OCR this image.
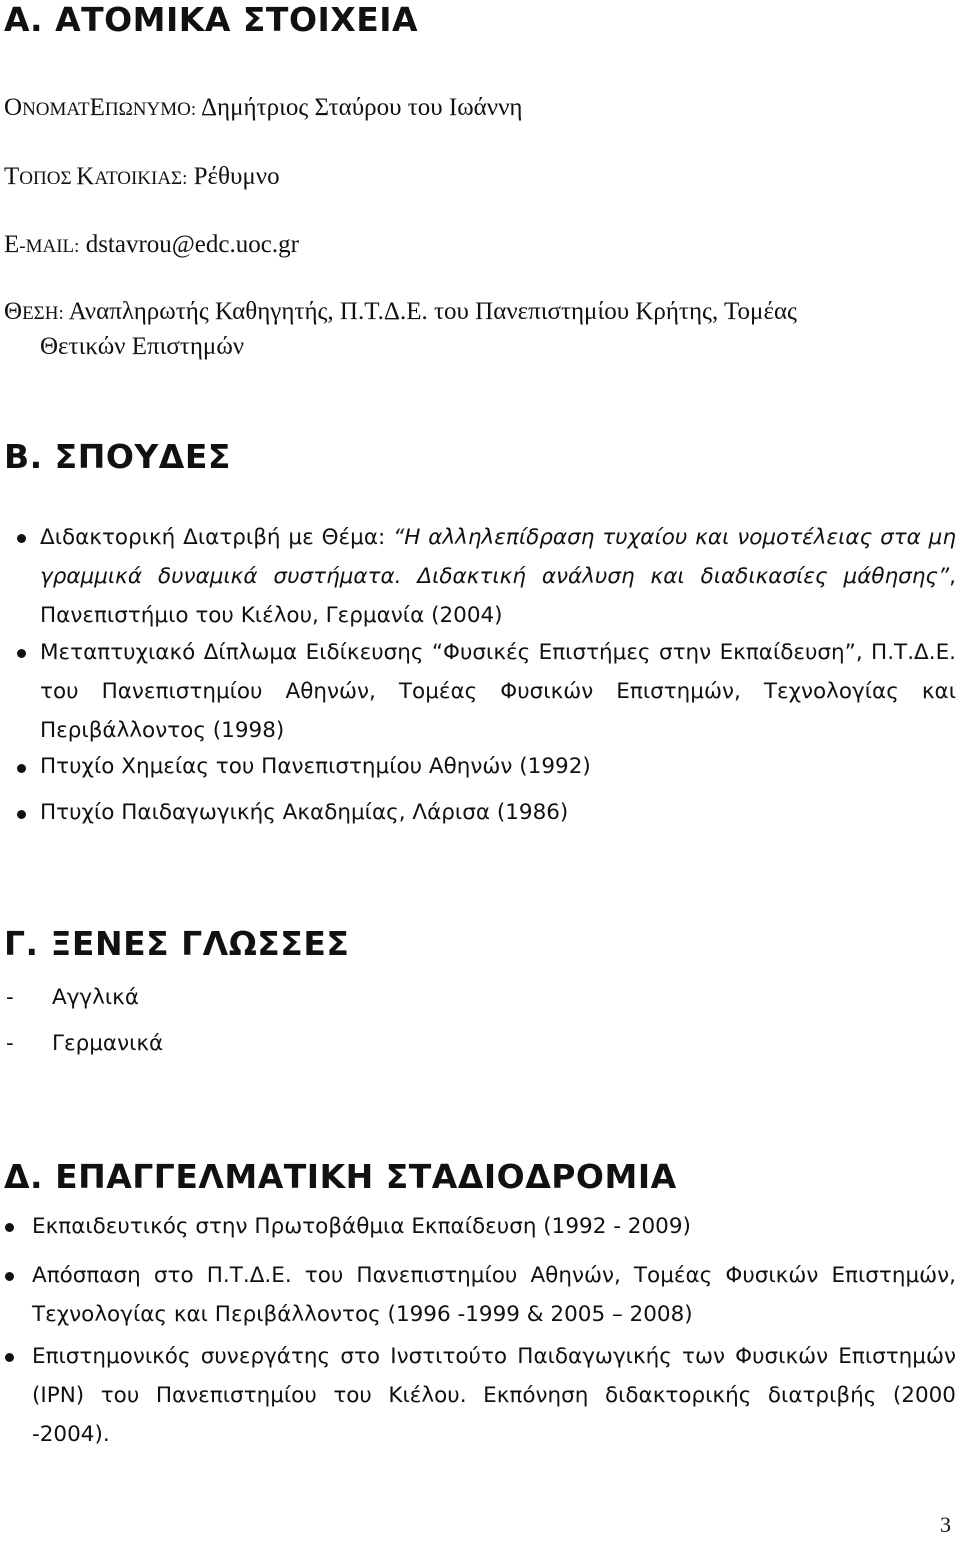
Α. ΑΤΟΜΙΚΑ ΣΤΟΙΧΕΙΑ

ΟΝΟΜΑΤΕΠΩΝΥΜΟ: Δημήτριος Σταύρου του Ιωάννη

ΤΟΠΟΣ ΚΑΤΟΙΚΙΑΣ: Ρέθυμνο

Ε-MAIL: dstavrou@edc.uoc.gr

ΘΕΣΗ: Αναπληρωτής Καθηγητής, Π.Τ.Δ.Ε. του Πανεπιστημίου Κρήτης, Τομέας

Θετικών Επιστημών

Β. ΣΠΟΥΔΕΣ

Διδακτορική Διατριβή με Θέμα: “Η αλληλεπίδραση τυχαίου και νομοτέλειας στα μη γραμμικά δυναμικά συστήματα. Διδακτική ανάλυση και διαδικασίες μάθησης”, Πανεπιστήμιο του Κιέλου, Γερμανία (2004)

Μεταπτυχιακό Δίπλωμα Ειδίκευσης “Φυσικές Επιστήμες στην Εκπαίδευση”, Π.Τ.Δ.Ε. του Πανεπιστημίου Αθηνών, Τομέας Φυσικών Επιστημών, Τεχνολογίας και Περιβάλλοντος (1998)

Πτυχίο Χημείας του Πανεπιστημίου Αθηνών (1992)

Πτυχίο Παιδαγωγικής Ακαδημίας, Λάρισα (1986)

Γ. ΞΕΝΕΣ ΓΛΩΣΣΕΣ
- Αγγλικά

- Γερμανικά

Δ. ΕΠΑΓΓΕΛΜΑΤΙΚΗ ΣΤΑΔΙΟΔΡΟΜΙΑ

Εκπαιδευτικός στην Πρωτοβάθμια Εκπαίδευση (1992 - 2009)

Απόσπαση στο Π.Τ.Δ.Ε. του Πανεπιστημίου Αθηνών, Τομέας Φυσικών Επιστημών, Τεχνολογίας και Περιβάλλοντος (1996 -1999 & 2005 – 2008)

Επιστημονικός συνεργάτης στο Ινστιτούτο Παιδαγωγικής των Φυσικών Επιστημών (IPN) του Πανεπιστημίου του Κιέλου. Εκπόνηση διδακτορικής διατριβής (2000 -2004).

3
